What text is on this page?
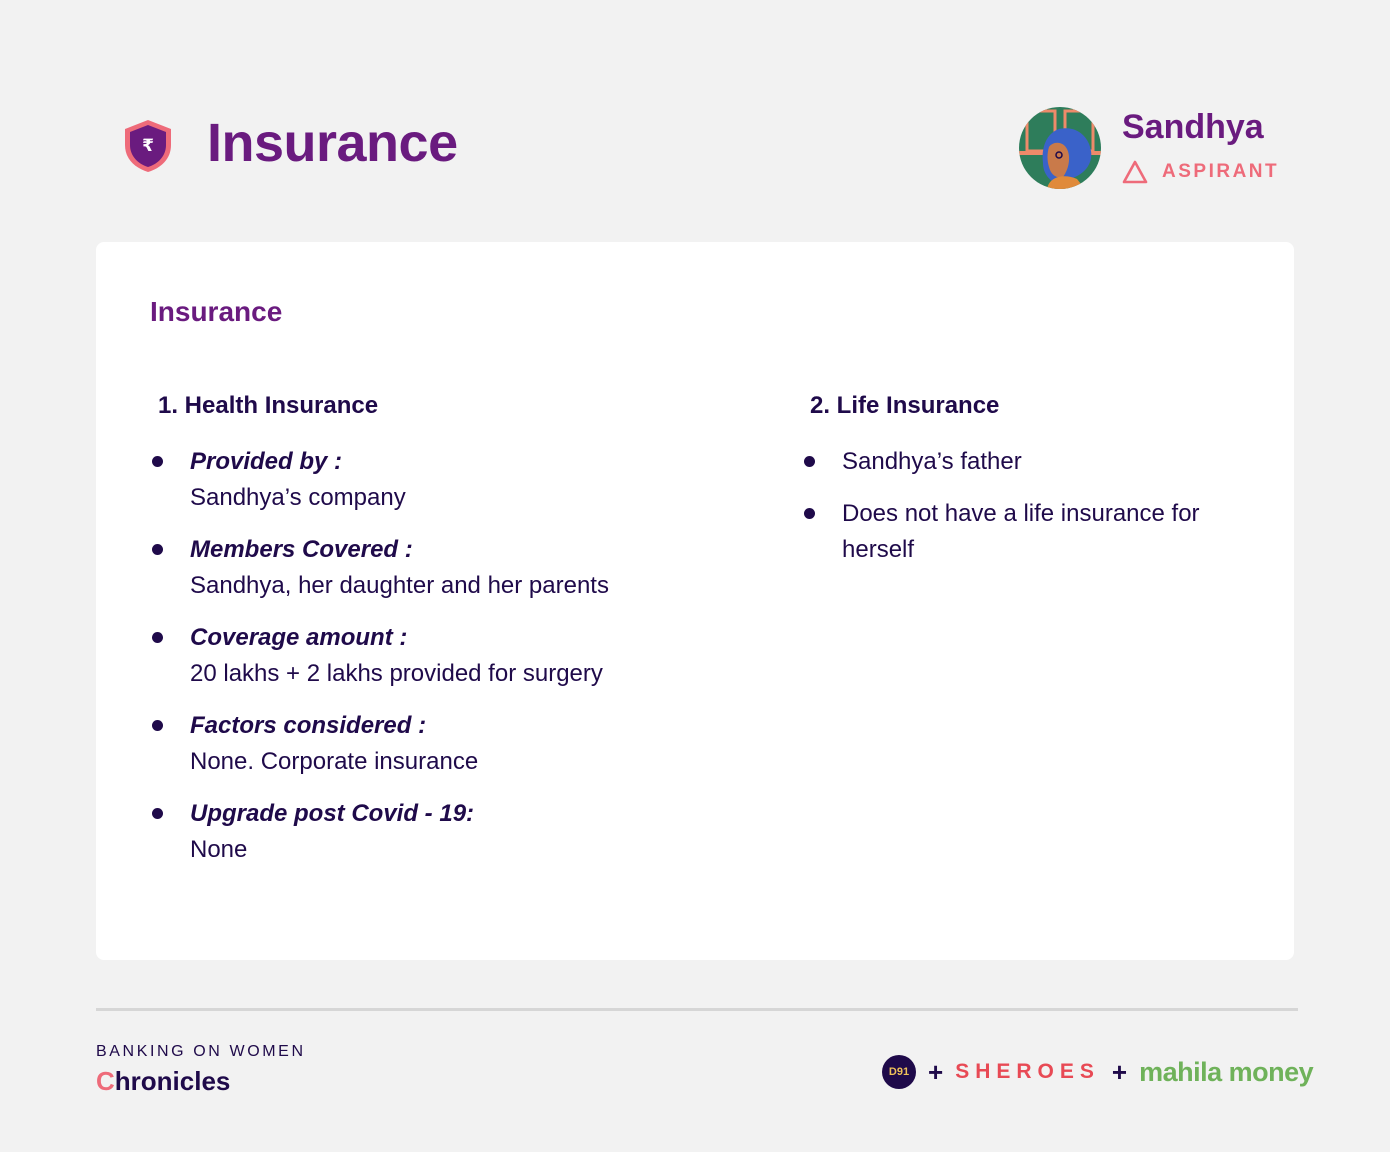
₹ Insurance	Sandhya
ASPIRANT
Insurance
1. Health Insurance
Provided by :
Sandhya’s company
Members Covered :
Sandhya, her daughter and her parents
Coverage amount :
20 lakhs + 2 lakhs provided for surgery
Factors considered :
None. Corporate insurance
Upgrade post Covid - 19:
None
2. Life Insurance
Sandhya’s father
Does not have a life insurance for herself
BANKING ON WOMEN
Chronicles	D91 + SHEROES + mahila money
